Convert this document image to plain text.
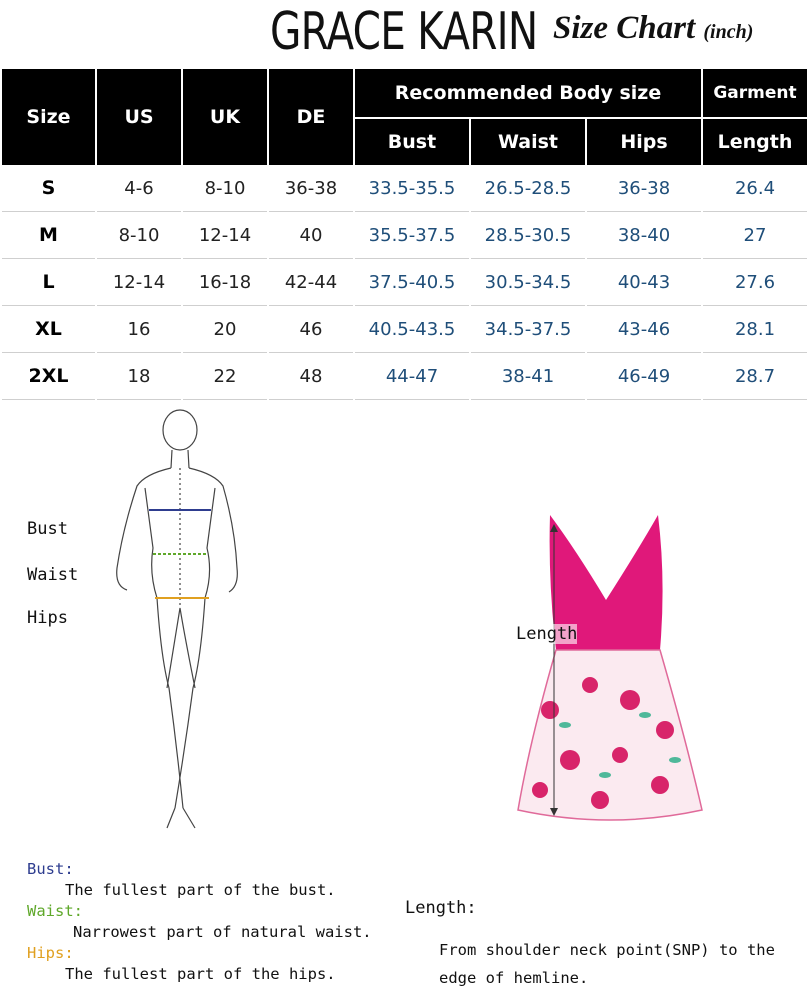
GRACE KARIN Size Chart (inch)
Size	US	UK	DE	Recommended Body size			Garment
				Bust	Waist	Hips	Length
S	4-6	8-10	36-38	33.5-35.5	26.5-28.5	36-38	26.4
M	8-10	12-14	40	35.5-37.5	28.5-30.5	38-40	27
L	12-14	16-18	42-44	37.5-40.5	30.5-34.5	40-43	27.6
XL	16	20	46	40.5-43.5	34.5-37.5	43-46	28.1
2XL	18	22	48	44-47	38-41	46-49	28.7
Bust
Waist
Hips
Length
Bust:
The fullest part of the bust.
Waist:
Narrowest part of natural waist.
Hips:
The fullest part of the hips.
Length:
From shoulder neck point(SNP) to the
edge of hemline.
